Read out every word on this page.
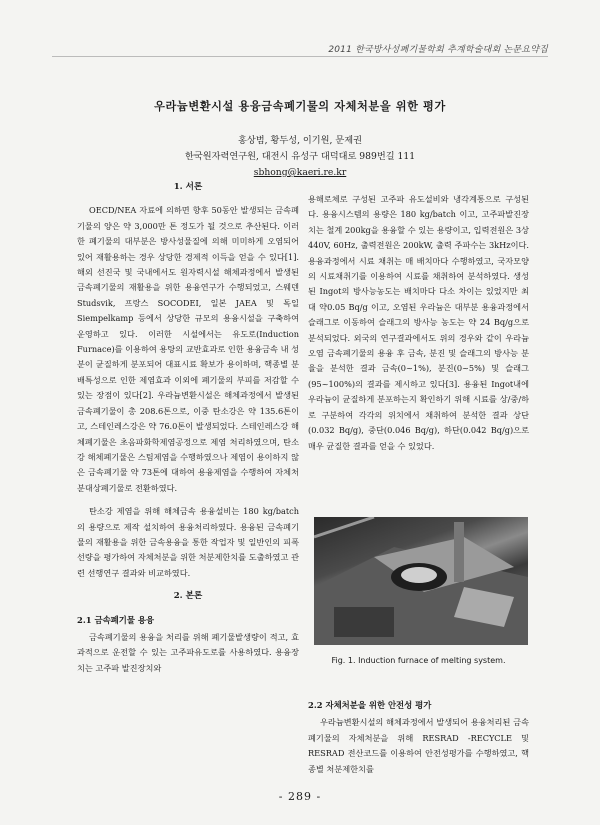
2011 한국방사성폐기물학회 추계학술대회 논문요약집
우라늄변환시설 용융금속폐기물의 자체처분을 위한 평가
홍상범, 황두성, 이기원, 문제권
한국원자력연구원, 대전시 유성구 대덕대로 989번길 111
sbhong@kaeri.re.kr
1. 서론

OECD/NEA 자료에 의하면 향후 50동안 발생되는 금속폐기물의 양은 약 3,000만 톤 정도가 될 것으로 추산된다. 이러한 폐기물의 대부분은 방사성물질에 의해 미미하게 오염되어 있어 재활용하는 경우 상당한 경제적 이득을 얻을 수 있다[1]. 해외 선진국 및 국내에서도 원자력시설 해체과정에서 발생된 금속폐기물의 재활용을 위한 용융연구가 수행되었고, 스웨덴 Studsvik, 프랑스 SOCODEI, 일본 JAEA 및 독일 Siempelkamp 등에서 상당한 규모의 용융시설을 구축하여 운영하고 있다. 이러한 시설에서는 유도로(Induction Furnace)를 이용하여 용탕의 교반효과로 인한 용융금속 내 성분이 균질하게 분포되어 대표시료 확보가 용이하며, 핵종별 분배특성으로 인한 제염효과 이외에 폐기물의 부피를 저감할 수 있는 장점이 있다[2]. 우라늄변환시설은 해체과정에서 발생된 금속폐기물이 총 208.6톤으로, 이중 탄소강은 약 135.6톤이고, 스테인레스강은 약 76.0톤이 발생되었다. 스테인레스강 해체폐기물은 초음파화학제염공정으로 제염 처리하였으며, 탄소강 해체폐기물은 스팀제염을 수행하였으나 제염이 용이하지 않은 금속폐기물 약 73톤에 대하여 용융제염을 수행하여 자체처분대상폐기물로 전환하였다.

탄소강 제염을 위해 해체금속 용융설비는 180 kg/batch 의 용량으로 제작 설치하여 용융처리하였다. 용융된 금속폐기물의 재활용을 위한 금속용융을 통한 작업자 및 일반인의 피폭선량을 평가하여 자체처분을 위한 처분제한치를 도출하였고 관련 선행연구 결과와 비교하였다.

2. 본론
2.1 금속폐기물 용융

금속폐기물의 용융을 처리를 위해 폐기물발생량이 적고, 효과적으로 운전할 수 있는 고주파유도로를 사용하였다. 용융장치는 고주파 발진장치와

용해로체로 구성된 고주파 유도설비와 냉각계통으로 구성된다. 용융시스템의 용량은 180 kg/batch 이고, 고주파발진장치는 철계 200kg을 용융할 수 있는 용량이고, 입력전원은 3상 440V, 60Hz, 출력전원은 200kW, 출력 주파수는 3kHz이다. 용융과정에서 시료 채취는 매 배치마다 수행하였고, 국자모양의 시료채취기를 이용하여 시료를 채취하여 분석하였다. 생성된 Ingot의 방사능농도는 배치마다 다소 차이는 있었지만 최대 약0.05 Bq/g 이고, 오염된 우라늄은 대부분 용융과정에서 슬래그로 이동하여 슬래그의 방사능 농도는 약 24 Bq/g으로 분석되었다. 외국의 연구결과에서도 위의 경우와 같이 우라늄 오염 금속폐기물의 용융 후 금속, 분진 및 슬래그의 방사능 분율을 분석한 결과 금속(0~1%), 분진(0~5%) 및 슬래그(95~100%)의 결과를 제시하고 있다[3]. 용융된 Ingot내에 우라늄이 균질하게 분포하는지 확인하기 위해 시료를 상/중/하로 구분하여 각각의 위치에서 채취하여 분석한 결과 상단(0.032 Bq/g), 중단(0.046 Bq/g), 하단(0.042 Bq/g)으로 매우 균질한 결과를 얻을 수 있었다.

Fig. 1. Induction furnace of melting system.
2.2 자체처분을 위한 안전성 평가

우라늄변환시설의 해체과정에서 발생되어 용융처리된 금속폐기물의 자체처분을 위해 RESRAD -RECYCLE 및 RESRAD 전산코드를 이용하여 안전성평가를 수행하였고, 핵종별 처분제한치를

- 289 -
